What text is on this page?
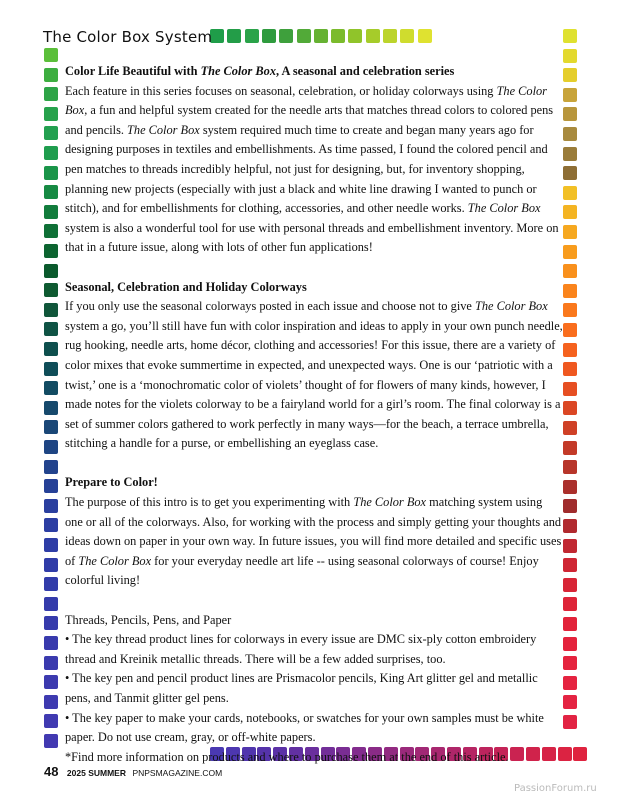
The Color Box System

Color Life Beautiful with The Color Box, A seasonal and celebration series

Each feature in this series focuses on seasonal, celebration, or holiday colorways using The Color Box, a fun and helpful system created for the needle arts that matches thread colors to colored pens and pencils. The Color Box system required much time to create and began many years ago for designing purposes in textiles and embellishments. As time passed, I found the colored pencil and pen matches to threads incredibly helpful, not just for designing, but, for inventory shopping, planning new projects (especially with just a black and white line drawing I wanted to punch or stitch), and for embellishments for clothing, accessories, and other needle works. The Color Box system is also a wonderful tool for use with personal threads and embellishment inventory. More on that in a future issue, along with lots of other fun applications!

Seasonal, Celebration and Holiday Colorways

If you only use the seasonal colorways posted in each issue and choose not to give The Color Box system a go, you’ll still have fun with color inspiration and ideas to apply in your own punch needle, rug hooking, needle arts, home décor, clothing and accessories! For this issue, there are a variety of color mixes that evoke summertime in expected, and unexpected ways. One is our ‘patriotic with a twist,’ one is a ‘monochromatic color of violets’ thought of for flowers of many kinds, however, I made notes for the violets colorway to be a fairyland world for a girl’s room. The final colorway is a set of summer colors gathered to work perfectly in many ways—for the beach, a terrace umbrella, stitching a handle for a purse, or embellishing an eyeglass case.

Prepare to Color!

The purpose of this intro is to get you experimenting with The Color Box matching system using one or all of the colorways. Also, for working with the process and simply getting your thoughts and ideas down on paper in your own way. In future issues, you will find more detailed and specific uses of The Color Box for your everyday needle art life -- using seasonal colorways of course! Enjoy colorful living!

Threads, Pencils, Pens, and Paper

• The key thread product lines for colorways in every issue are DMC six-ply cotton embroidery thread and Kreinik metallic threads. There will be a few added surprises, too.

• The key pen and pencil product lines are Prismacolor pencils, King Art glitter gel and metallic pens, and Tanmit glitter gel pens.

• The key paper to make your cards, notebooks, or swatches for your own samples must be white paper. Do not use cream, gray, or off-white papers.

*Find more information on products and where to purchase them at the end of this article.

48 2025 SUMMER PNPSMAGAZINE.COM
PassionForum.ru
